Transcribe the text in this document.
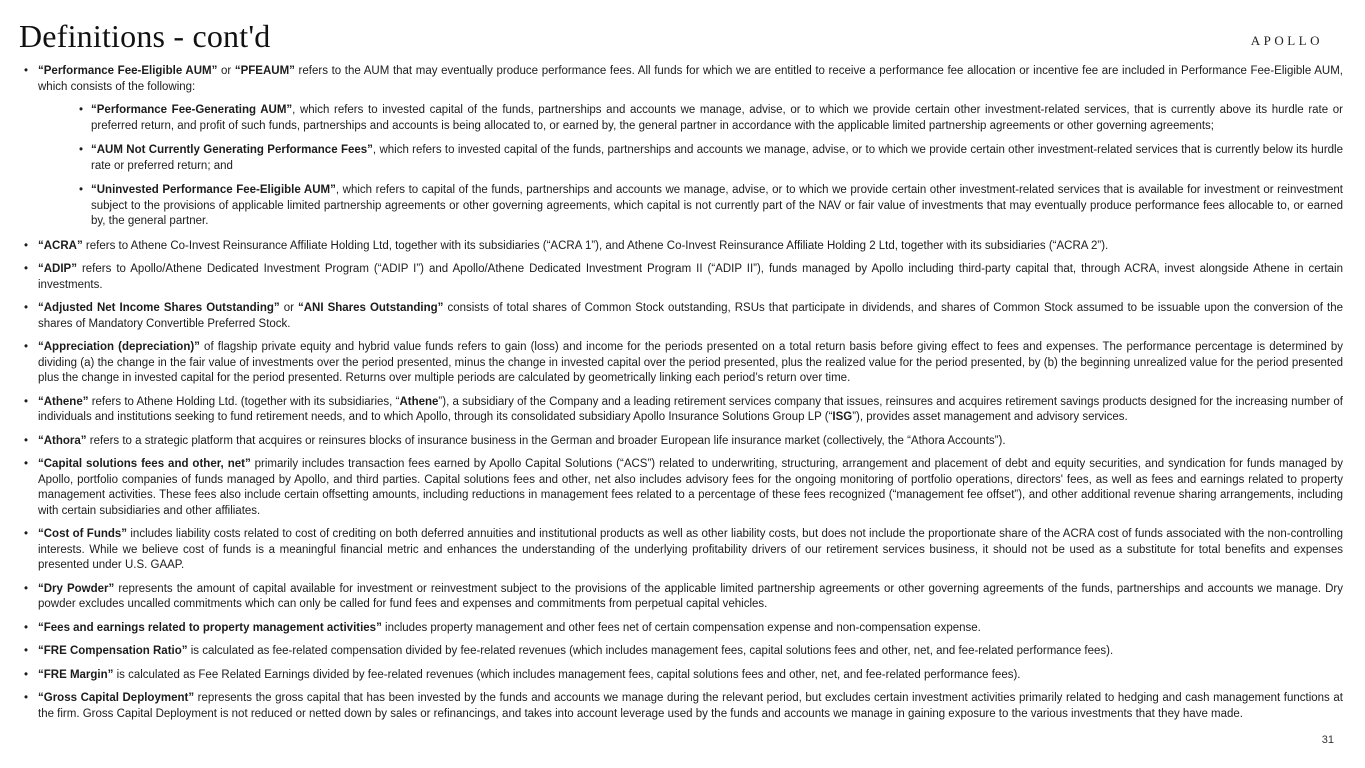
Definitions - cont'd	APOLLO
• “Performance Fee-Eligible AUM” or “PFEAUM” refers to the AUM that may eventually produce performance fees. All funds for which we are entitled to receive a performance fee allocation or incentive fee are included in Performance Fee-Eligible AUM, which consists of the following:
• “Performance Fee-Generating AUM”, which refers to invested capital of the funds, partnerships and accounts we manage, advise, or to which we provide certain other investment-related services, that is currently above its hurdle rate or preferred return, and profit of such funds, partnerships and accounts is being allocated to, or earned by, the general partner in accordance with the applicable limited partnership agreements or other governing agreements;
• “AUM Not Currently Generating Performance Fees”, which refers to invested capital of the funds, partnerships and accounts we manage, advise, or to which we provide certain other investment-related services that is currently below its hurdle rate or preferred return; and
• “Uninvested Performance Fee-Eligible AUM”, which refers to capital of the funds, partnerships and accounts we manage, advise, or to which we provide certain other investment-related services that is available for investment or reinvestment subject to the provisions of applicable limited partnership agreements or other governing agreements, which capital is not currently part of the NAV or fair value of investments that may eventually produce performance fees allocable to, or earned by, the general partner.
• “ACRA” refers to Athene Co-Invest Reinsurance Affiliate Holding Ltd, together with its subsidiaries (“ACRA 1”), and Athene Co-Invest Reinsurance Affiliate Holding 2 Ltd, together with its subsidiaries (“ACRA 2”).
• “ADIP” refers to Apollo/Athene Dedicated Investment Program (“ADIP I”) and Apollo/Athene Dedicated Investment Program II (“ADIP II”), funds managed by Apollo including third-party capital that, through ACRA, invest alongside Athene in certain investments.
• “Adjusted Net Income Shares Outstanding” or “ANI Shares Outstanding” consists of total shares of Common Stock outstanding, RSUs that participate in dividends, and shares of Common Stock assumed to be issuable upon the conversion of the shares of Mandatory Convertible Preferred Stock.
• “Appreciation (depreciation)” of flagship private equity and hybrid value funds refers to gain (loss) and income for the periods presented on a total return basis before giving effect to fees and expenses. The performance percentage is determined by dividing (a) the change in the fair value of investments over the period presented, minus the change in invested capital over the period presented, plus the realized value for the period presented, by (b) the beginning unrealized value for the period presented plus the change in invested capital for the period presented. Returns over multiple periods are calculated by geometrically linking each period’s return over time.
• “Athene” refers to Athene Holding Ltd. (together with its subsidiaries, “Athene”), a subsidiary of the Company and a leading retirement services company that issues, reinsures and acquires retirement savings products designed for the increasing number of individuals and institutions seeking to fund retirement needs, and to which Apollo, through its consolidated subsidiary Apollo Insurance Solutions Group LP (“ISG”), provides asset management and advisory services.
• “Athora” refers to a strategic platform that acquires or reinsures blocks of insurance business in the German and broader European life insurance market (collectively, the “Athora Accounts”).
• “Capital solutions fees and other, net” primarily includes transaction fees earned by Apollo Capital Solutions (“ACS”) related to underwriting, structuring, arrangement and placement of debt and equity securities, and syndication for funds managed by Apollo, portfolio companies of funds managed by Apollo, and third parties. Capital solutions fees and other, net also includes advisory fees for the ongoing monitoring of portfolio operations, directors' fees, as well as fees and earnings related to property management activities. These fees also include certain offsetting amounts, including reductions in management fees related to a percentage of these fees recognized (“management fee offset”), and other additional revenue sharing arrangements, including with certain subsidiaries and other affiliates.
• “Cost of Funds” includes liability costs related to cost of crediting on both deferred annuities and institutional products as well as other liability costs, but does not include the proportionate share of the ACRA cost of funds associated with the non-controlling interests. While we believe cost of funds is a meaningful financial metric and enhances the understanding of the underlying profitability drivers of our retirement services business, it should not be used as a substitute for total benefits and expenses presented under U.S. GAAP.
• “Dry Powder” represents the amount of capital available for investment or reinvestment subject to the provisions of the applicable limited partnership agreements or other governing agreements of the funds, partnerships and accounts we manage. Dry powder excludes uncalled commitments which can only be called for fund fees and expenses and commitments from perpetual capital vehicles.
• “Fees and earnings related to property management activities” includes property management and other fees net of certain compensation expense and non-compensation expense.
• “FRE Compensation Ratio” is calculated as fee-related compensation divided by fee-related revenues (which includes management fees, capital solutions fees and other, net, and fee-related performance fees).
• “FRE Margin” is calculated as Fee Related Earnings divided by fee-related revenues (which includes management fees, capital solutions fees and other, net, and fee-related performance fees).
• “Gross Capital Deployment” represents the gross capital that has been invested by the funds and accounts we manage during the relevant period, but excludes certain investment activities primarily related to hedging and cash management functions at the firm. Gross Capital Deployment is not reduced or netted down by sales or refinancings, and takes into account leverage used by the funds and accounts we manage in gaining exposure to the various investments that they have made.
31
